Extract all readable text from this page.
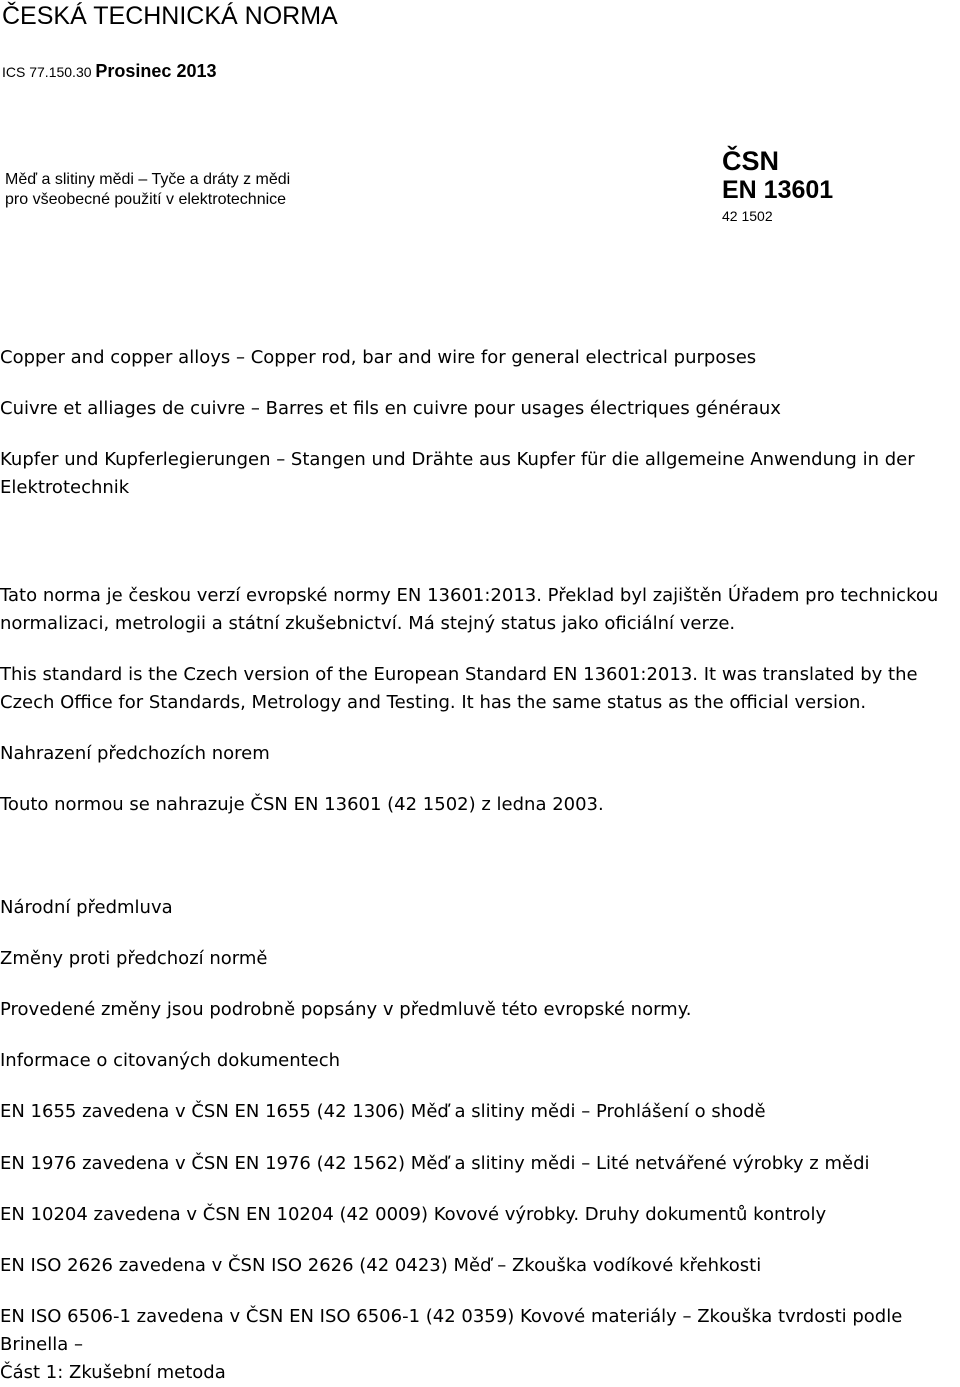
ČESKÁ TECHNICKÁ NORMA
ICS 77.150.30 Prosinec 2013
Měď a slitiny mědi – Tyče a dráty z mědi
pro všeobecné použití v elektrotechnice
ČSN
EN 13601
42 1502
Copper and copper alloys – Copper rod, bar and wire for general electrical purposes
Cuivre et alliages de cuivre – Barres et fils en cuivre pour usages électriques généraux
Kupfer und Kupferlegierungen – Stangen und Drähte aus Kupfer für die allgemeine Anwendung in der Elektrotechnik
Tato norma je českou verzí evropské normy EN 13601:2013. Překlad byl zajištěn Úřadem pro technickou normalizaci, metrologii a státní zkušebnictví. Má stejný status jako oficiální verze.
This standard is the Czech version of the European Standard EN 13601:2013. It was translated by the Czech Office for Standards, Metrology and Testing. It has the same status as the official version.
Nahrazení předchozích norem
Touto normou se nahrazuje ČSN EN 13601 (42 1502) z ledna 2003.
Národní předmluva
Změny proti předchozí normě
Provedené změny jsou podrobně popsány v předmluvě této evropské normy.
Informace o citovaných dokumentech
EN 1655 zavedena v ČSN EN 1655 (42 1306) Měď a slitiny mědi – Prohlášení o shodě
EN 1976 zavedena v ČSN EN 1976 (42 1562) Měď a slitiny mědi – Lité netvářené výrobky z mědi
EN 10204 zavedena v ČSN EN 10204 (42 0009) Kovové výrobky. Druhy dokumentů kontroly
EN ISO 2626 zavedena v ČSN ISO 2626 (42 0423) Měď – Zkouška vodíkové křehkosti
EN ISO 6506-1 zavedena v ČSN EN ISO 6506-1 (42 0359) Kovové materiály – Zkouška tvrdosti podle Brinella –
Část 1: Zkušební metoda
